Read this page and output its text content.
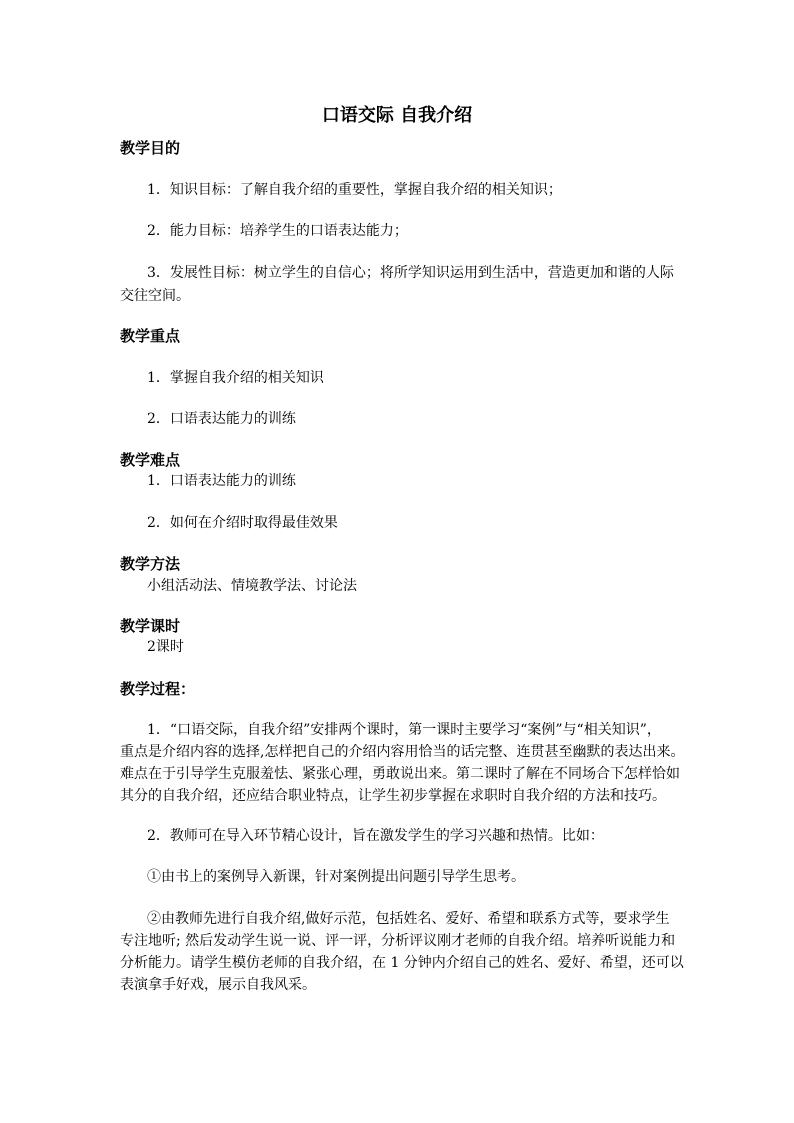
口语交际 自我介绍
教学目的
1．知识目标：了解自我介绍的重要性，掌握自我介绍的相关知识；
2．能力目标：培养学生的口语表达能力；
3．发展性目标：树立学生的自信心；将所学知识运用到生活中，营造更加和谐的人际
交往空间。
教学重点
1．掌握自我介绍的相关知识
2．口语表达能力的训练
教学难点
1．口语表达能力的训练
2．如何在介绍时取得最佳效果
教学方法
小组活动法、情境教学法、讨论法
教学课时
2课时
教学过程：
1．“口语交际，自我介绍”安排两个课时，第一课时主要学习“案例”与“相关知识”，
重点是介绍内容的选择,怎样把自己的介绍内容用恰当的话完整、连贯甚至幽默的表达出来。
难点在于引导学生克服羞怯、紧张心理，勇敢说出来。第二课时了解在不同场合下怎样恰如
其分的自我介绍，还应结合职业特点，让学生初步掌握在求职时自我介绍的方法和技巧。
2．教师可在导入环节精心设计，旨在激发学生的学习兴趣和热情。比如：
①由书上的案例导入新课，针对案例提出问题引导学生思考。
②由教师先进行自我介绍,做好示范，包括姓名、爱好、希望和联系方式等，要求学生
专注地听; 然后发动学生说一说、评一评，分析评议刚才老师的自我介绍。培养听说能力和
分析能力。请学生模仿老师的自我介绍，在 1 分钟内介绍自己的姓名、爱好、希望，还可以
表演拿手好戏，展示自我风采。
